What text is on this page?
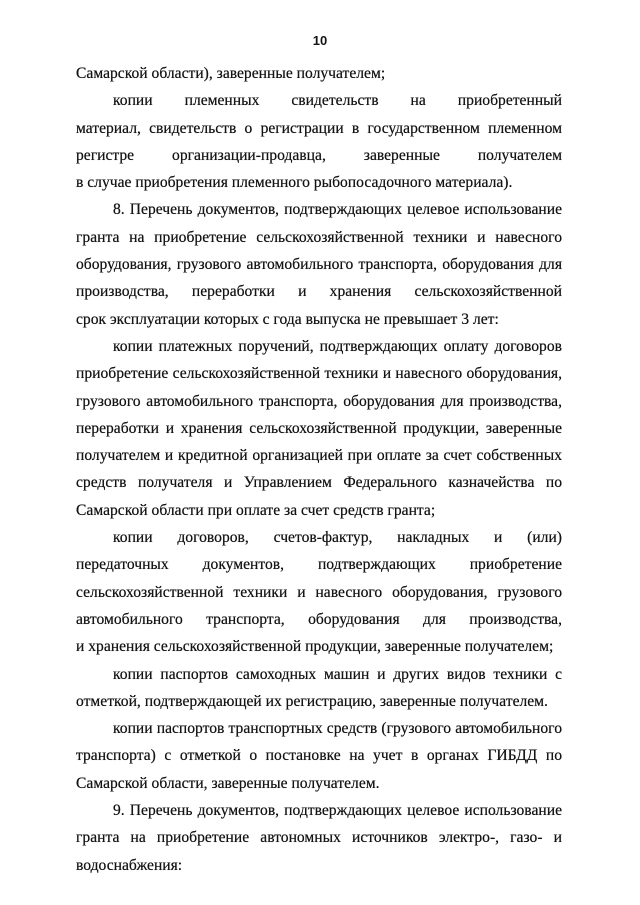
10
Самарской области), заверенные получателем;
копии племенных свидетельств на приобретенный
материал, свидетельств о регистрации в государственном племенном
регистре организации-продавца, заверенные получателем
в случае приобретения племенного рыбопосадочного материала).
8. Перечень документов, подтверждающих целевое использование
гранта на приобретение сельскохозяйственной техники и навесного
оборудования, грузового автомобильного транспорта, оборудования для
производства, переработки и хранения сельскохозяйственной
срок эксплуатации которых с года выпуска не превышает 3 лет:
копии платежных поручений, подтверждающих оплату договоров
приобретение сельскохозяйственной техники и навесного оборудования,
грузового автомобильного транспорта, оборудования для производства,
переработки и хранения сельскохозяйственной продукции, заверенные
получателем и кредитной организацией при оплате за счет собственных
средств получателя и Управлением Федерального казначейства по
Самарской области при оплате за счет средств гранта;
копии договоров, счетов-фактур, накладных и (или)
передаточных документов, подтверждающих приобретение
сельскохозяйственной техники и навесного оборудования, грузового
автомобильного транспорта, оборудования для производства,
и хранения сельскохозяйственной продукции, заверенные получателем;
копии паспортов самоходных машин и других видов техники с
отметкой, подтверждающей их регистрацию, заверенные получателем.
копии паспортов транспортных средств (грузового автомобильного
транспорта) с отметкой о постановке на учет в органах ГИБДД по
Самарской области, заверенные получателем.
9. Перечень документов, подтверждающих целевое использование
гранта на приобретение автономных источников электро-, газо- и
водоснабжения:
